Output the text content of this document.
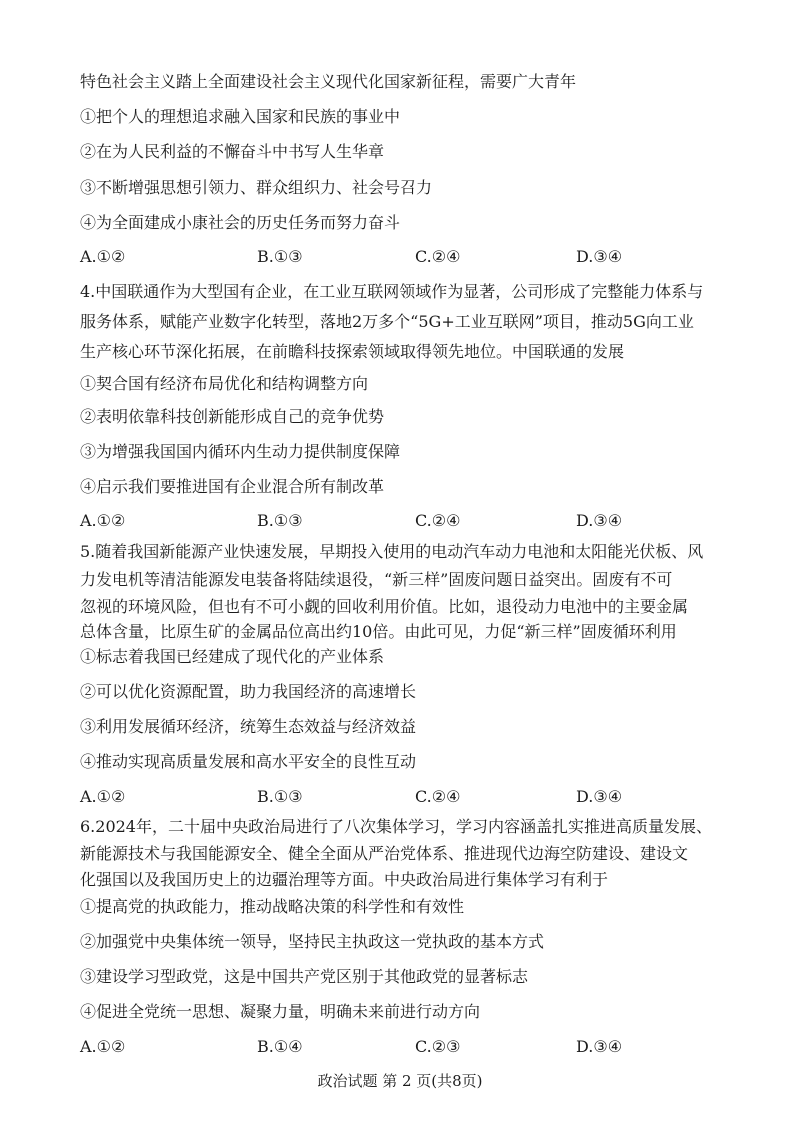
特色社会主义踏上全面建设社会主义现代化国家新征程，需要广大青年
①把个人的理想追求融入国家和民族的事业中
②在为人民利益的不懈奋斗中书写人生华章
③不断增强思想引领力、群众组织力、社会号召力
④为全面建成小康社会的历史任务而努力奋斗
A.①②	B.①③	C.②④	D.③④
4.中国联通作为大型国有企业，在工业互联网领域作为显著，公司形成了完整能力体系与
服务体系，赋能产业数字化转型，落地2万多个“5G+工业互联网”项目，推动5G向工业
生产核心环节深化拓展，在前瞻科技探索领域取得领先地位。中国联通的发展
①契合国有经济布局优化和结构调整方向
②表明依靠科技创新能形成自己的竞争优势
③为增强我国国内循环内生动力提供制度保障
④启示我们要推进国有企业混合所有制改革
A.①②	B.①③	C.②④	D.③④
5.随着我国新能源产业快速发展，早期投入使用的电动汽车动力电池和太阳能光伏板、风
力发电机等清洁能源发电装备将陆续退役，“新三样”固废问题日益突出。固废有不可
忽视的环境风险，但也有不可小觑的回收利用价值。比如，退役动力电池中的主要金属
总体含量，比原生矿的金属品位高出约10倍。由此可见，力促“新三样”固废循环利用
①标志着我国已经建成了现代化的产业体系
②可以优化资源配置，助力我国经济的高速增长
③利用发展循环经济，统筹生态效益与经济效益
④推动实现高质量发展和高水平安全的良性互动
A.①②	B.①③	C.②④	D.③④
6.2024年，二十届中央政治局进行了八次集体学习，学习内容涵盖扎实推进高质量发展、
新能源技术与我国能源安全、健全全面从严治党体系、推进现代边海空防建设、建设文
化强国以及我国历史上的边疆治理等方面。中央政治局进行集体学习有利于
①提高党的执政能力，推动战略决策的科学性和有效性
②加强党中央集体统一领导，坚持民主执政这一党执政的基本方式
③建设学习型政党，这是中国共产党区别于其他政党的显著标志
④促进全党统一思想、凝聚力量，明确未来前进行动方向
A.①②	B.①④	C.②③	D.③④
政治试题 第 2 页(共8页)
